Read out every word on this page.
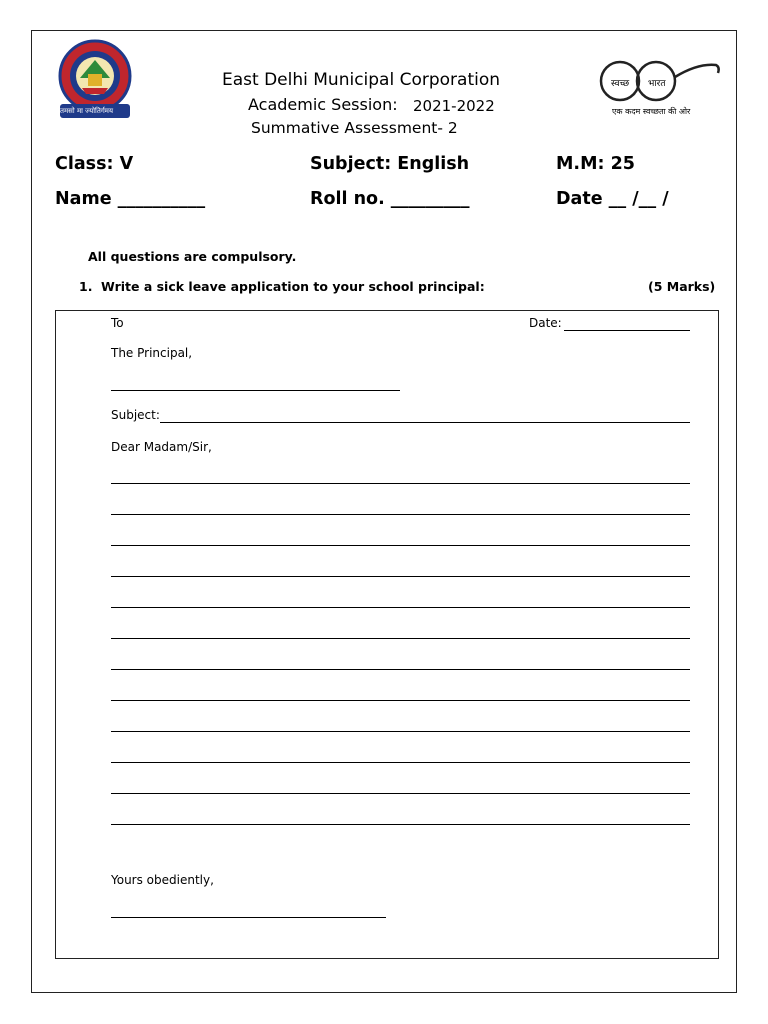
तमसो मा ज्योतिर्गमय
स्वच्छ भारत
एक कदम स्वच्छता की ओर
East Delhi Municipal Corporation
Academic Session: 2021-2022
Summative Assessment- 2
Class: V	Subject: English	M.M: 25
Name __________	Roll no. _________	Date __ /__ /
All questions are compulsory.
1. Write a sick leave application to your school principal:	(5 Marks)
To	Date:
The Principal,
Subject:
Dear Madam/Sir,
Yours obediently,
